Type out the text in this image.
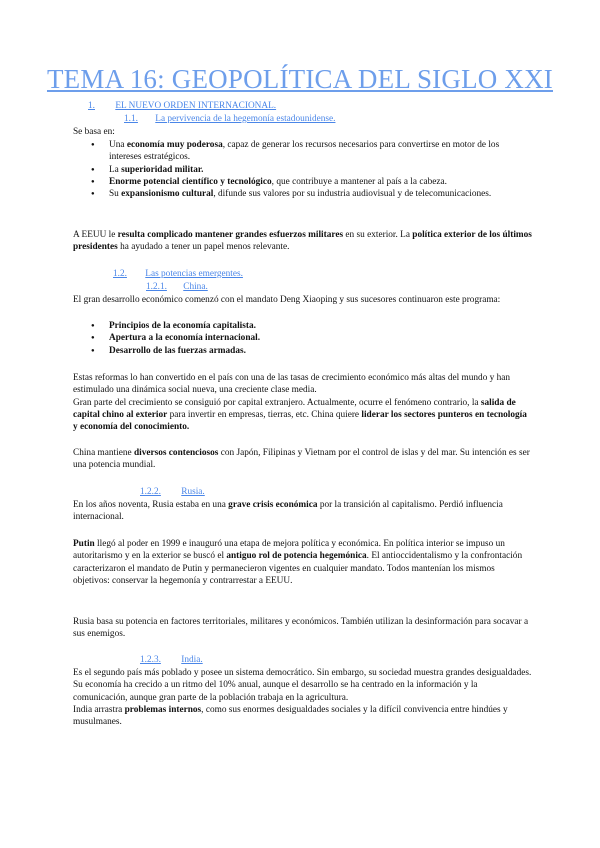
TEMA 16: GEOPOLÍTICA DEL SIGLO XXI
1. EL NUEVO ORDEN INTERNACIONAL.
1.1. La pervivencia de la hegemonía estadounidense.

Se basa en:

● Una economía muy poderosa, capaz de generar los recursos necesarios para convertirse en motor de los intereses estratégicos.
● La superioridad militar.
● Enorme potencial científico y tecnológico, que contribuye a mantener al país a la cabeza.
● Su expansionismo cultural, difunde sus valores por su industria audiovisual y de telecomunicaciones.

A EEUU le resulta complicado mantener grandes esfuerzos militares en su exterior. La política exterior de los últimos presidentes ha ayudado a tener un papel menos relevante.

1.2. Las potencias emergentes.
1.2.1. China.

El gran desarrollo económico comenzó con el mandato Deng Xiaoping y sus sucesores continuaron este programa:

● Principios de la economía capitalista.
● Apertura a la economía internacional.
● Desarrollo de las fuerzas armadas.

Estas reformas lo han convertido en el país con una de las tasas de crecimiento económico más altas del mundo y han estimulado una dinámica social nueva, una creciente clase media.
Gran parte del crecimiento se consiguió por capital extranjero. Actualmente, ocurre el fenómeno contrario, la salida de capital chino al exterior para invertir en empresas, tierras, etc. China quiere liderar los sectores punteros en tecnología y economía del conocimiento.

China mantiene diversos contenciosos con Japón, Filipinas y Vietnam por el control de islas y del mar. Su intención es ser una potencia mundial.

1.2.2. Rusia.

En los años noventa, Rusia estaba en una grave crisis económica por la transición al capitalismo. Perdió influencia internacional.

Putin llegó al poder en 1999 e inauguró una etapa de mejora política y económica. En política interior se impuso un autoritarismo y en la exterior se buscó el antiguo rol de potencia hegemónica. El antioccidentalismo y la confrontación caracterizaron el mandato de Putin y permanecieron vigentes en cualquier mandato. Todos mantenían los mismos objetivos: conservar la hegemonía y contrarrestar a EEUU.

Rusia basa su potencia en factores territoriales, militares y económicos. También utilizan la desinformación para socavar a sus enemigos.

1.2.3. India.

Es el segundo país más poblado y posee un sistema democrático. Sin embargo, su sociedad muestra grandes desigualdades.
Su economía ha crecido a un ritmo del 10% anual, aunque el desarrollo se ha centrado en la información y la comunicación, aunque gran parte de la población trabaja en la agricultura.
India arrastra problemas internos, como sus enormes desigualdades sociales y la difícil convivencia entre hindúes y musulmanes.
